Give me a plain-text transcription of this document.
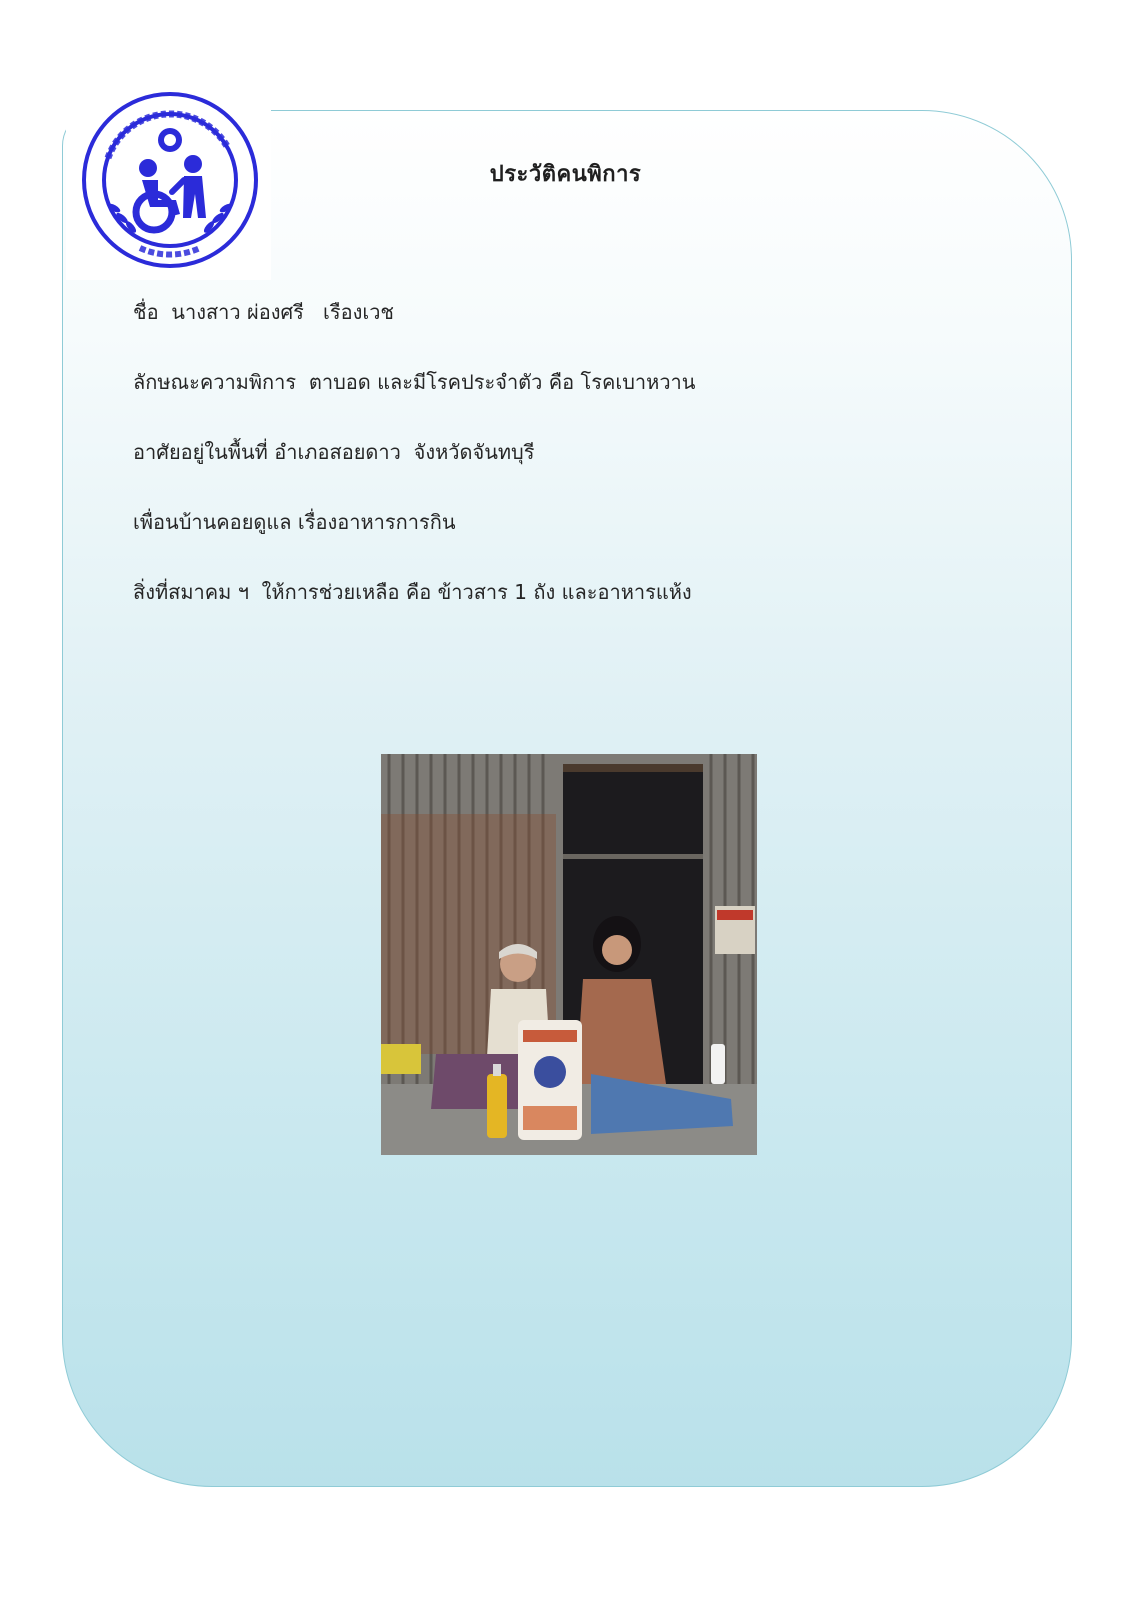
ประวัติคนพิการ
ชื่อ  นางสาว ผ่องศรี   เรืองเวช
ลักษณะความพิการ  ตาบอด และมีโรคประจำตัว คือ โรคเบาหวาน
อาศัยอยู่ในพื้นที่ อำเภอสอยดาว  จังหวัดจันทบุรี
เพื่อนบ้านคอยดูแล เรื่องอาหารการกิน
สิ่งที่สมาคม ฯ  ให้การช่วยเหลือ คือ ข้าวสาร 1 ถัง และอาหารแห้ง
